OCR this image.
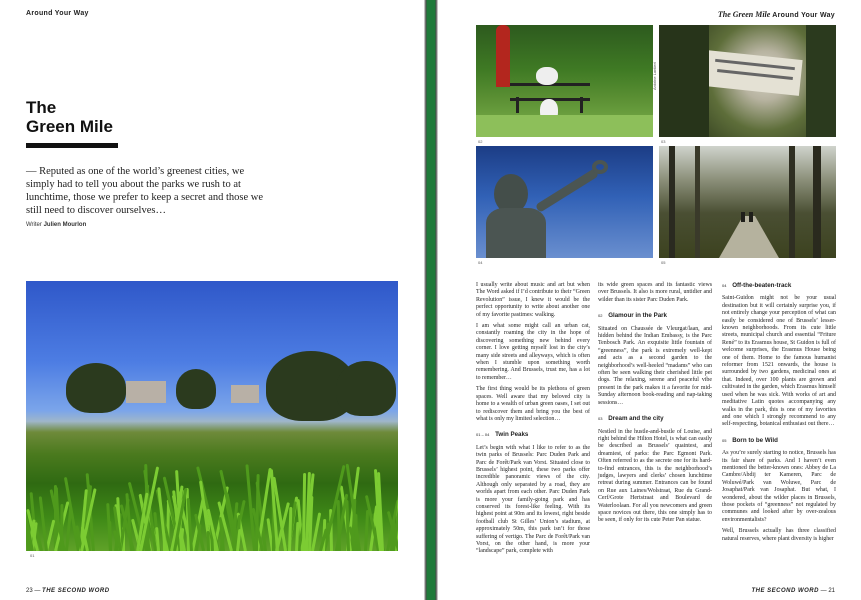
Around Your Way
The
Green Mile
— Reputed as one of the world’s greenest cities, we simply had to tell you about the parks we rush to at lunchtime, those we prefer to keep a secret and those we still need to discover ourselves…
Writer Julien Mourlon
01
23 — THE SECOND WORD
The Green Mile Around Your Way
02	03
Antoine Lantieri
04	05

I usually write about music and art but when The Word asked if I’d contribute to their “Green Revolution” issue, I knew it would be the perfect opportunity to write about another one of my favorite pastimes: walking.

I am what some might call an urban cat, constantly roaming the city in the hope of discovering something new behind every corner. I love getting myself lost in the city’s many side streets and alleyways, which is often when I stumble upon something worth remembering. And Brussels, trust me, has a lot to remember…

The first thing would be its plethora of green spaces. Well aware that my beloved city is home to a wealth of urban green oases, I set out to rediscover them and bring you the best of what is only my limited selection…

01 – 04 Twin Peaks

Let’s begin with what I like to refer to as the twin parks of Brussels: Parc Duden Park and Parc de Forêt/Park van Vorst. Situated close to Brussels’ highest point, these two parks offer incredible panoramic views of the city. Although only separated by a road, they are worlds apart from each other. Parc Duden Park is more your family-going park and has conserved its forest-like feeling. With its highest point at 90m and its lowest, right beside football club St Gilles’ Union’s stadium, at approximately 50m, this park isn’t for those suffering of vertigo. The Parc de Forêt/Park van Vorst, on the other hand, is more your “landscape” park, complete with

its wide green spaces and its fantastic views over Brussels. It also is more rural, untidier and wilder than its sister Parc Duden Park.

02 Glamour in the Park

Situated on Chaussée de Vleurgat/laan, and hidden behind the Indian Embassy, is the Parc Tenbosch Park. An exquisite little fountain of “greenness”, the park is extremely well-kept and acts as a second garden to the neighborhood’s well-heeled “madams” who can often be seen walking their cherished little pet dogs. The relaxing, serene and peaceful vibe present in the park makes it a favorite for mid-Sunday afternoon book-reading and nap-taking sessions…

03 Dream and the city

Nestled in the hustle-and-bustle of Louise, and right behind the Hilton Hotel, is what can easily be described as Brussels’ quaintest, and dreamiest, of parks: the Parc Egmont Park. Often referred to as the secrete one for its hard-to-find entrances, this is the neighborhood’s judges, lawyers and clerks’ chosen lunchtime retreat during summer. Entrances can be found on Rue aux Laines/Wolstraat, Rue du Grand-Cerf/Grote Hertstraat and Boulevard de Waterloolaan. For all you newcomers and green space novices out there, this one simply has to be seen, if only for its cute Peter Pan statue.

04 Off-the-beaten-track

Saint-Guidon might not be your usual destination but it will certainly surprise you, if not entirely change your perception of what can easily be considered one of Brussels’ lesser-known neighborhoods. From its cute little streets, municipal church and essential “Friture René” to its Erasmus house, St Guidon is full of welcome surprises, the Erasmus House being one of them. Home to the famous humanist reformer from 1521 onwards, the house is surrounded by two gardens, medicinal ones at that. Indeed, over 100 plants are grown and cultivated in the garden, which Erasmus himself used when he was sick. With works of art and meditative Latin quotes accompanying any walks in the park, this is one of my favorites and one which I strongly recommend to any self-respecting, botanical enthusiast out there…

05 Born to be Wild

As you’re surely starting to notice, Brussels has its fair share of parks. And I haven’t even mentioned the better-known ones: Abbey de La Cambre/Abdij ter Kameren, Parc de Woluwé/Park van Woluwe, Parc de Josaphat/Park van Josaphat. But what, I wondered, about the wilder places in Brussels, those pockets of “greenness” not regulated by communes and looked after by over-zealous environmentalists?

Well, Brussels actually has three classified natural reserves, where plant diversity is higher

THE SECOND WORD — 21
